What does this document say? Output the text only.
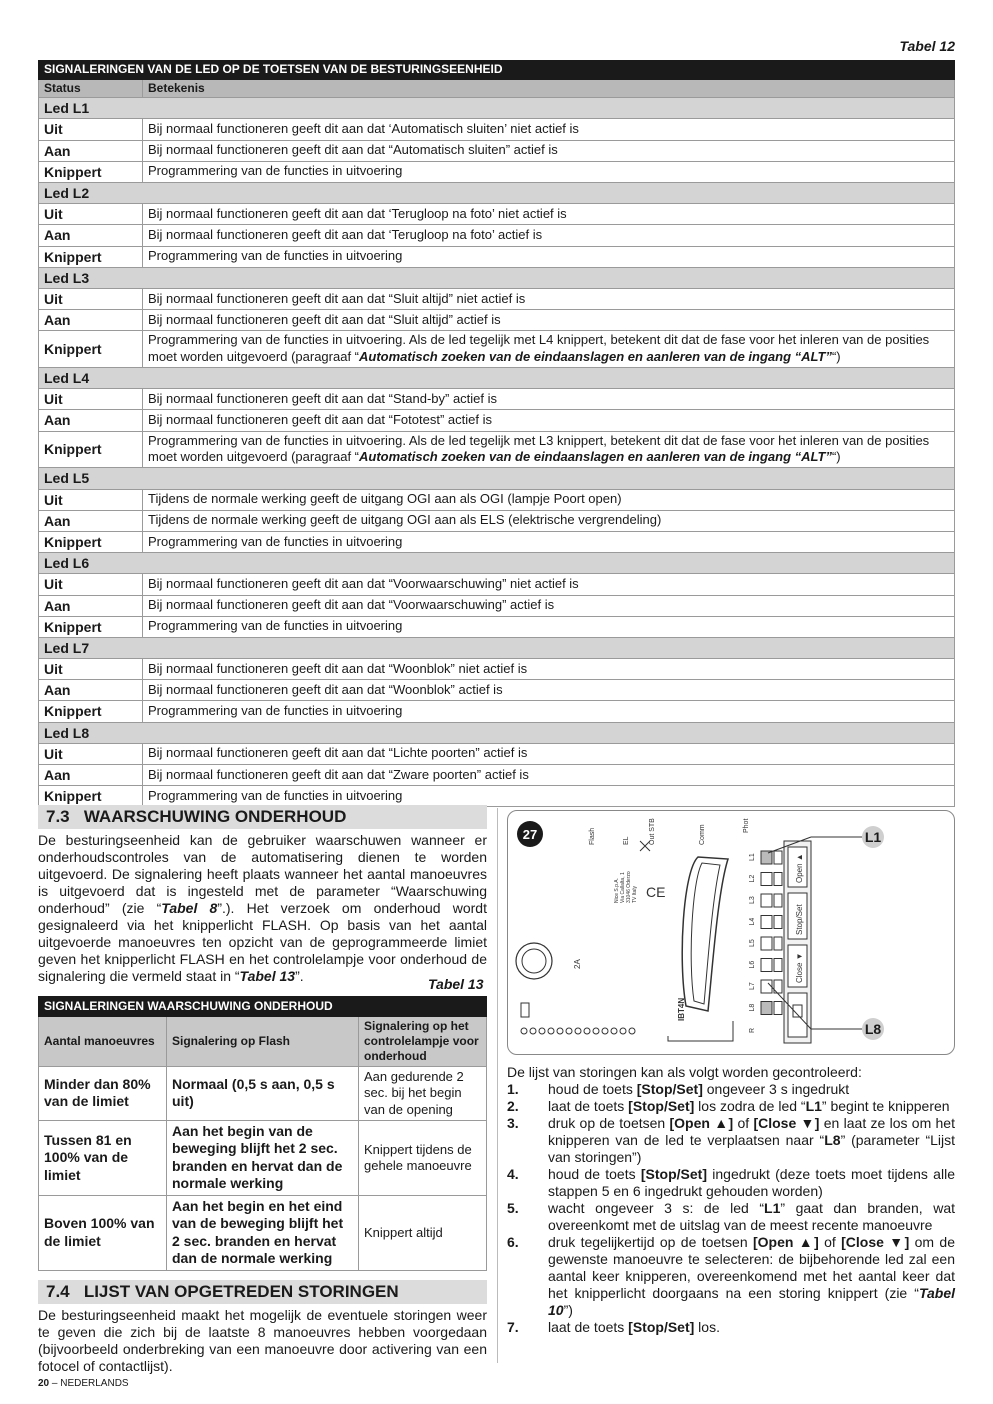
Tabel 12
SIGNALERINGEN VAN DE LED OP DE TOETSEN VAN DE BESTURINGSEENHEID	
Status	Betekenis
Led L1	
Uit	Bij normaal functioneren geeft dit aan dat ‘Automatisch sluiten’ niet actief is
Aan	Bij normaal functioneren geeft dit aan dat “Automatisch sluiten” actief is
Knippert	Programmering van de functies in uitvoering
Led L2	
Uit	Bij normaal functioneren geeft dit aan dat ‘Terugloop na foto’ niet actief is
Aan	Bij normaal functioneren geeft dit aan dat ‘Terugloop na foto’ actief is
Knippert	Programmering van de functies in uitvoering
Led L3	
Uit	Bij normaal functioneren geeft dit aan dat “Sluit altijd” niet actief is
Aan	Bij normaal functioneren geeft dit aan dat “Sluit altijd” actief is
Knippert	Programmering van de functies in uitvoering. Als de led tegelijk met L4 knippert, betekent dit dat de fase voor het inleren van de posities moet worden uitgevoerd (paragraaf “Automatisch zoeken van de eindaanslagen en aanleren van de ingang “ALT”“)
Led L4	
Uit	Bij normaal functioneren geeft dit aan dat “Stand-by” actief is
Aan	Bij normaal functioneren geeft dit aan dat “Fototest” actief is
Knippert	Programmering van de functies in uitvoering. Als de led tegelijk met L3 knippert, betekent dit dat de fase voor het inleren van de posities moet worden uitgevoerd (paragraaf “Automatisch zoeken van de eindaanslagen en aanleren van de ingang “ALT”“)
Led L5	
Uit	Tijdens de normale werking geeft de uitgang OGI aan als OGI (lampje Poort open)
Aan	Tijdens de normale werking geeft de uitgang OGI aan als ELS (elektrische vergrendeling)
Knippert	Programmering van de functies in uitvoering
Led L6	
Uit	Bij normaal functioneren geeft dit aan dat “Voorwaarschuwing” niet actief is
Aan	Bij normaal functioneren geeft dit aan dat “Voorwaarschuwing” actief is
Knippert	Programmering van de functies in uitvoering
Led L7	
Uit	Bij normaal functioneren geeft dit aan dat “Woonblok” niet actief is
Aan	Bij normaal functioneren geeft dit aan dat “Woonblok” actief is
Knippert	Programmering van de functies in uitvoering
Led L8	
Uit	Bij normaal functioneren geeft dit aan dat “Lichte poorten” actief is
Aan	Bij normaal functioneren geeft dit aan dat “Zware poorten” actief is
Knippert	Programmering van de functies in uitvoering
7.3 WAARSCHUWING ONDERHOUD
De besturingseenheid kan de gebruiker waarschuwen wanneer er onderhoudscontroles van de automatisering dienen te worden uitgevoerd. De signalering heeft plaats wanneer het aantal manoeuvres is uitgevoerd dat is ingesteld met de parameter “Waarschuwing onderhoud” (zie “Tabel 8”.). Het verzoek om onderhoud wordt gesignaleerd via het knipperlicht FLASH. Op basis van het aantal uitgevoerde manoeuvres ten opzicht van de geprogrammeerde limiet geven het knipperlicht FLASH en het controlelampje voor onderhoud de signalering die vermeld staat in “Tabel 13”.	Tabel 13
SIGNALERINGEN WAARSCHUWING ONDERHOUD		
Aantal manoeuvres	Signalering op Flash	Signalering op het controlelampje voor onderhoud
Minder dan 80% van de limiet	Normaal (0,5 s aan, 0,5 s uit)	Aan gedurende 2 sec. bij het begin van de opening
Tussen 81 en 100% van de limiet	Aan het begin van de beweging blijft het 2 sec. branden en hervat dan de normale werking	Knippert tijdens de gehele manoeuvre
Boven 100% van de limiet	Aan het begin en het eind van de beweging blijft het 2 sec. branden en hervat dan de normale werking	Knippert altijd
7.4 LIJST VAN OPGETREDEN STORINGEN
De besturingseenheid maakt het mogelijk de eventuele storingen weer te geven die zich bij de laatste 8 manoeuvres hebben voorgedaan (bijvoorbeeld onderbreking van een manoeuvre door activering van een fotocel of contactlijst).
27	Flash	EL	Out STB	Comm	Phot
Nice S.p.A. Via Callalta, 1 31046 Oderzo TV Italy CE
2A
IBT4N
L1
L2
L3
L4
L5
L6
L7
L8
R
Open ▲
Stop/Set
Close ▼
L1
L8
De lijst van storingen kan als volgt worden gecontroleerd:
1.	houd de toets [Stop/Set] ongeveer 3 s ingedrukt
2.	laat de toets [Stop/Set] los zodra de led “L1” begint te knipperen
3.	druk op de toetsen [Open ▲] of [Close ▼] en laat ze los om het knipperen van de led te verplaatsen naar “L8” (parameter “Lijst van storingen”)
4.	houd de toets [Stop/Set] ingedrukt (deze toets moet tijdens alle stappen 5 en 6 ingedrukt gehouden worden)
5.	wacht ongeveer 3 s: de led “L1” gaat dan branden, wat overeenkomt met de uitslag van de meest recente manoeuvre
6.	druk tegelijkertijd op de toetsen [Open ▲] of [Close ▼] om de gewenste manoeuvre te selecteren: de bijbehorende led zal een aantal keer knipperen, overeenkomend met het aantal keer dat het knipperlicht doorgaans na een storing knippert (zie “Tabel 10”)
7.	laat de toets [Stop/Set] los.
20 – NEDERLANDS
